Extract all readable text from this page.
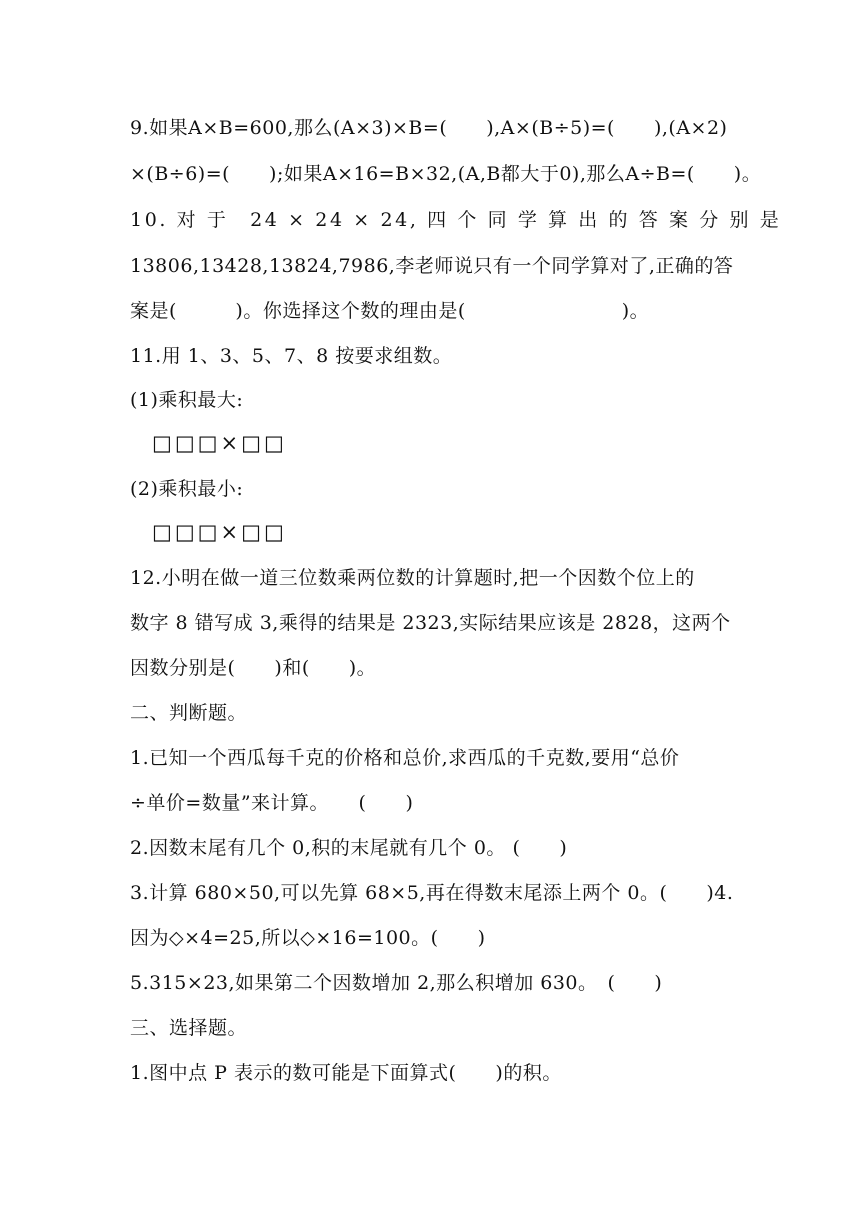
9.如果A×B=600,那么(A×3)×B=(　　),A×(B÷5)=(　　),(A×2)
×(B÷6)=(　　);如果A×16=B×32,(A,B都大于0),那么A÷B=(　　)。
10. 对 于　24 × 24 × 24, 四 个 同 学 算 出 的 答 案 分 别 是
13806,13428,13824,7986,李老师说只有一个同学算对了,正确的答
案是(　　　)。你选择这个数的理由是(　　　　　　　　)。
11.用 1、3、5、7、8 按要求组数。
(1)乘积最大:
□□□×□□
(2)乘积最小:
□□□×□□
12.小明在做一道三位数乘两位数的计算题时,把一个因数个位上的
数字 8 错写成 3,乘得的结果是 2323,实际结果应该是 2828，这两个
因数分别是(　　)和(　　)。
二、判断题。
1.已知一个西瓜每千克的价格和总价,求西瓜的千克数,要用“总价
÷单价=数量”来计算。　　(　　)
2.因数末尾有几个 0,积的末尾就有几个 0。 (　　)
3.计算 680×50,可以先算 68×5,再在得数末尾添上两个 0。(　　)4.
因为◇×4=25,所以◇×16=100。(　　)
5.315×23,如果第二个因数增加 2,那么积增加 630。　(　　)
三、选择题。
1.图中点 P 表示的数可能是下面算式(　　)的积。
